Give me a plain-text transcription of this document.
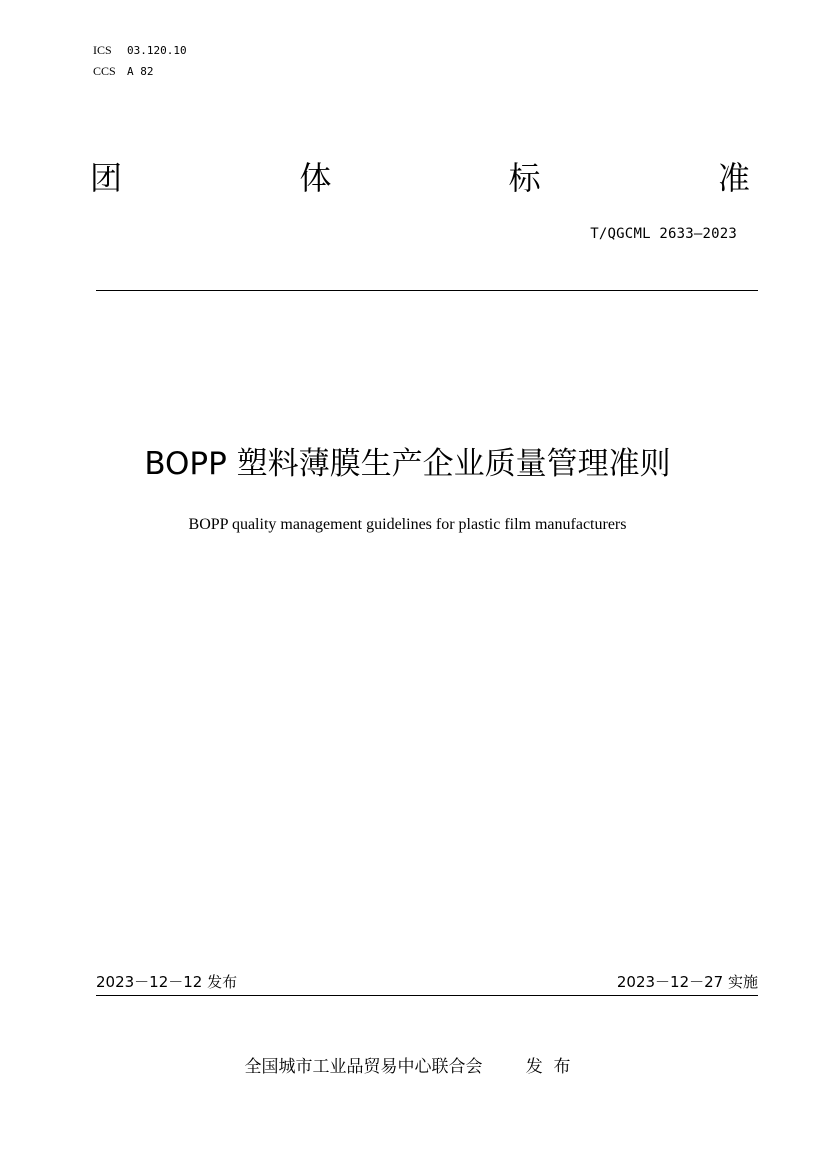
ICS 03.120.10
CCS A 82
团	体	标	准
T/QGCML 2633—2023
BOPP 塑料薄膜生产企业质量管理准则
BOPP quality management guidelines for plastic film manufacturers
2023－12－12 发布	2023－12－27 实施
全国城市工业品贸易中心联合会	发  布
